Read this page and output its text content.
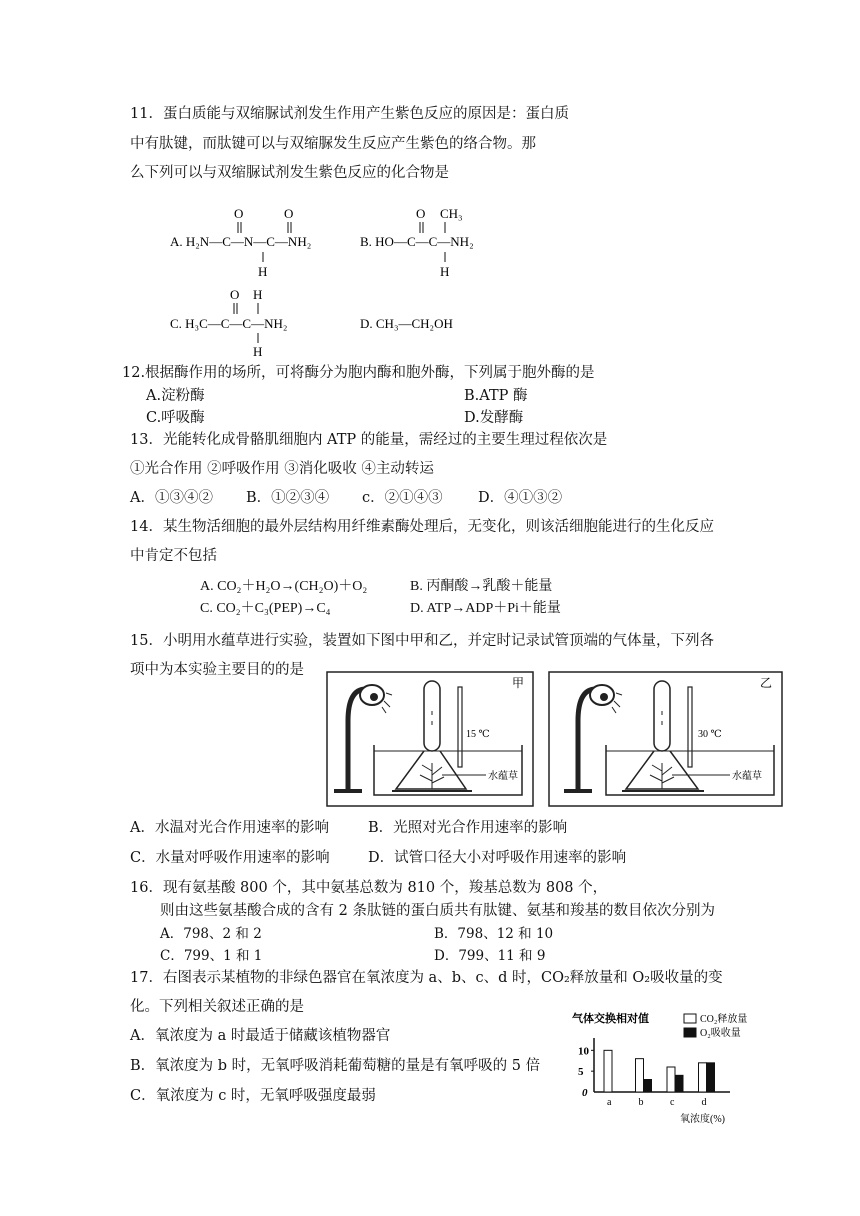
11．蛋白质能与双缩脲试剂发生作用产生紫色反应的原因是：蛋白质
中有肽键，而肽键可以与双缩脲发生反应产生紫色的络合物。那
么下列可以与双缩脲试剂发生紫色反应的化合物是
A. H₂N—C—N—C—NH₂
O	O
H
B. HO—C—C—NH₂
O CH₃
H
C. H₃C—C—C—NH₂
O H
H
D. CH₃—CH₂OH
12.根据酶作用的场所，可将酶分为胞内酶和胞外酶，下列属于胞外酶的是
A.淀粉酶	B.ATP 酶
C.呼吸酶	D.发酵酶
13．光能转化成骨骼肌细胞内 ATP 的能量，需经过的主要生理过程依次是
①光合作用 ②呼吸作用 ③消化吸收 ④主动转运
A．①③④② B．①②③④ c．②①④③ D．④①③②
14．某生物活细胞的最外层结构用纤维素酶处理后，无变化，则该活细胞能进行的生化反应
中肯定不包括
A. CO₂＋H₂O→(CH₂O)＋O₂	B. 丙酮酸→乳酸＋能量
C. CO₂＋C₃(PEP)→C₄	D. ATP→ADP＋Pi＋能量
15．小明用水蕴草进行实验，装置如下图中甲和乙，并定时记录试管顶端的气体量，下列各
项中为本实验主要目的的是
甲
15 ℃
水蕴草
乙
30 ℃
水蕴草
A．水温对光合作用速率的影响	B．光照对光合作用速率的影响
C．水量对呼吸作用速率的影响	D．试管口径大小对呼吸作用速率的影响
16．现有氨基酸 800 个，其中氨基总数为 810 个，羧基总数为 808 个，
则由这些氨基酸合成的含有 2 条肽链的蛋白质共有肽键、氨基和羧基的数目依次分别为
A．798、2 和 2	B．798、12 和 10
C．799、1 和 1	D．799、11 和 9
17．右图表示某植物的非绿色器官在氧浓度为 a、b、c、d 时，CO₂释放量和 O₂吸收量的变
化。下列相关叙述正确的是
A．氧浓度为 a 时最适于储藏该植物器官
B．氧浓度为 b 时，无氧呼吸消耗葡萄糖的量是有氧呼吸的 5 倍
C．氧浓度为 c 时，无氧呼吸强度最弱
气体交换相对值	CO₂释放量
O₂吸收量
0
5
10
a	b	c	d
氧浓度(%)
